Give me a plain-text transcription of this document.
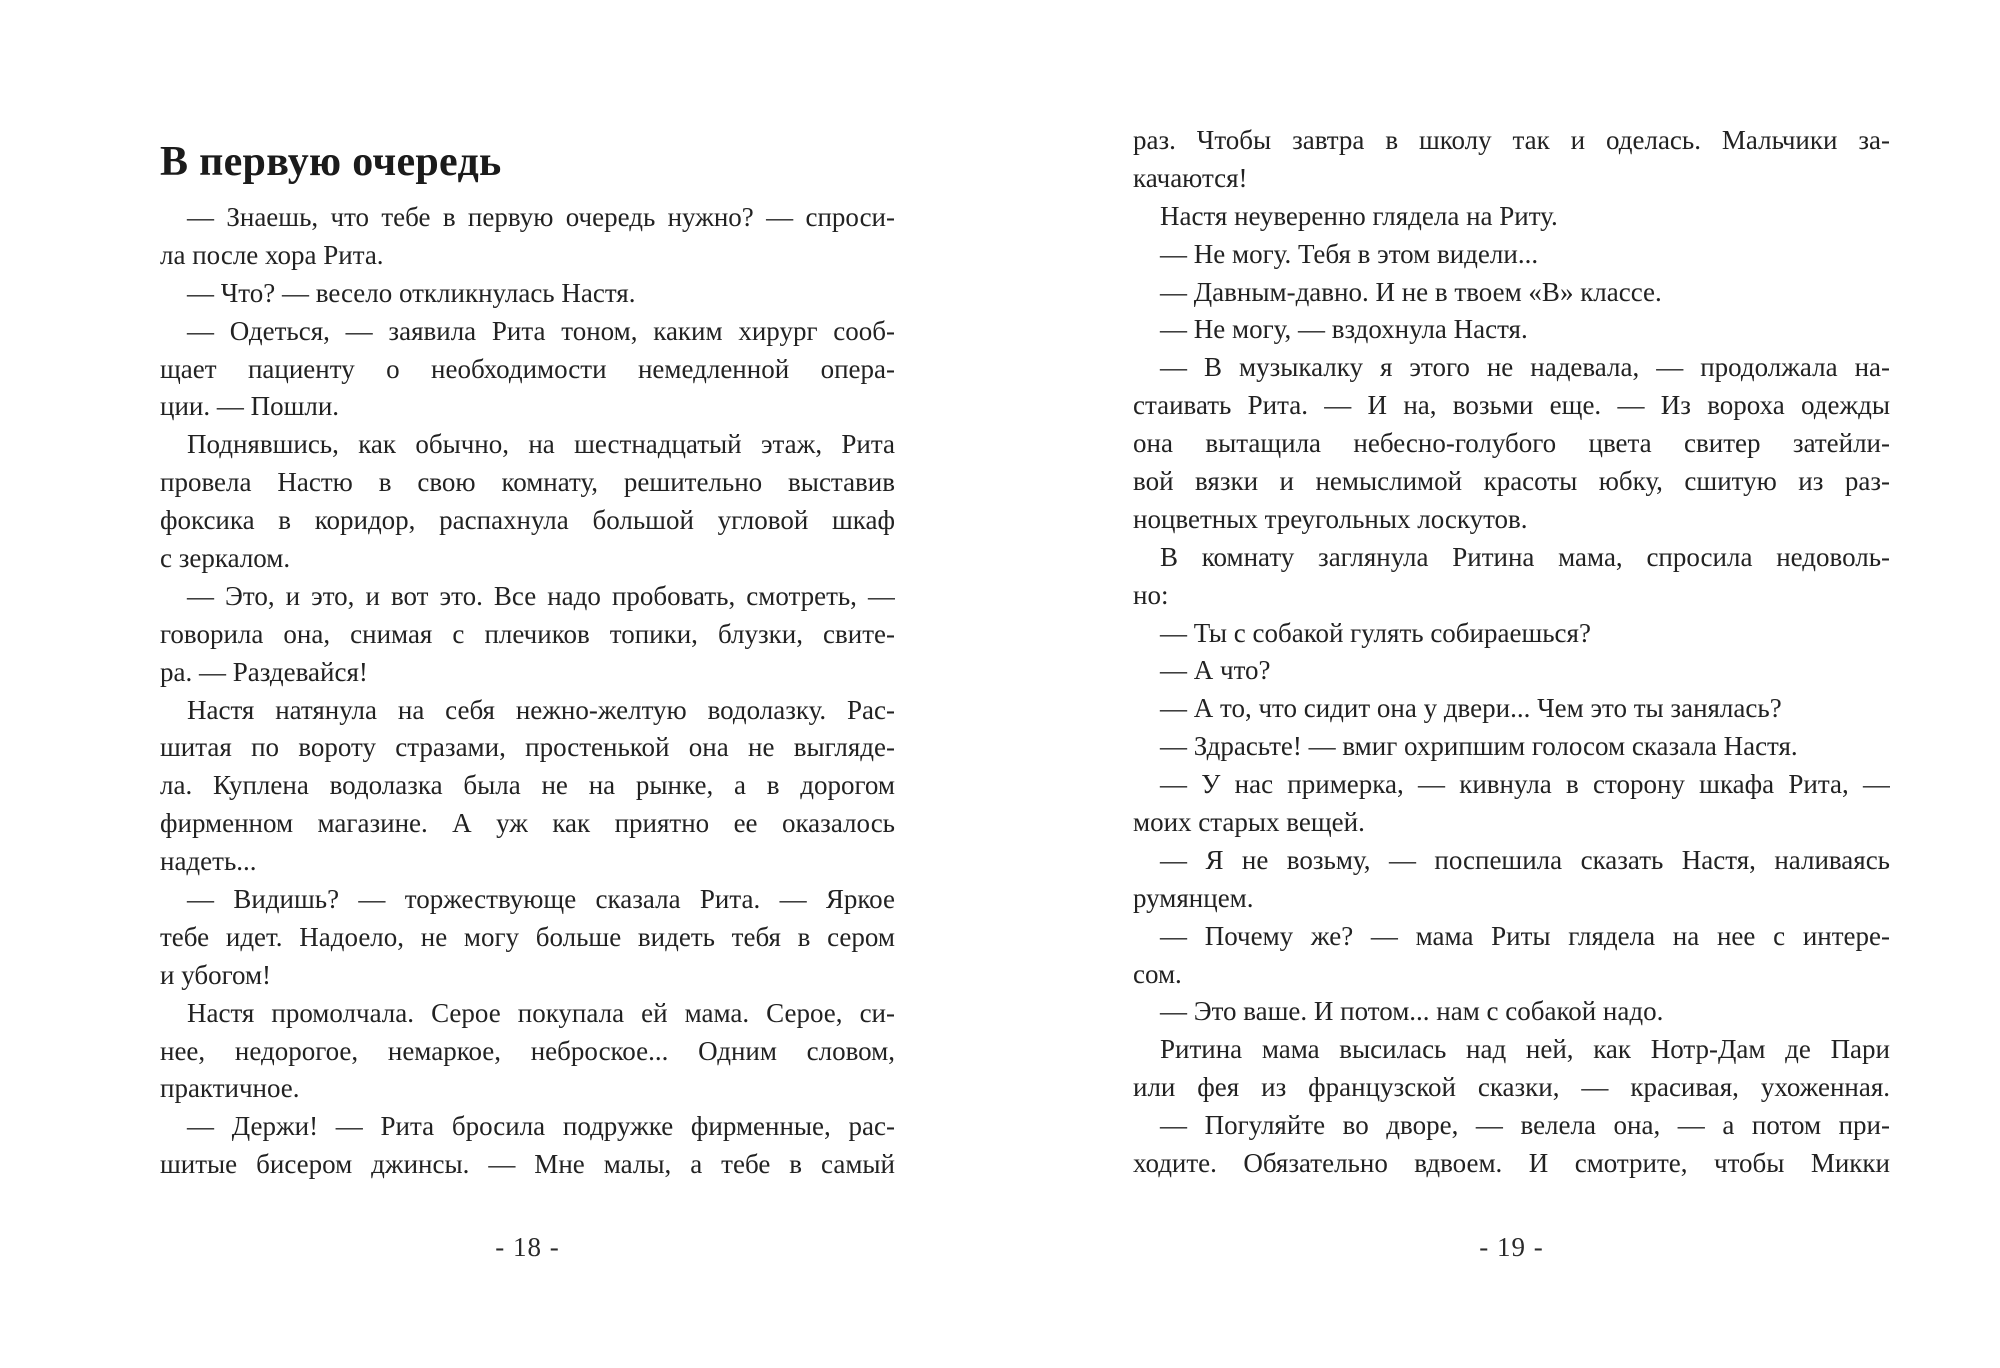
В первую очередь
— Знаешь, что тебе в первую очередь нужно? — спроси-
ла после хора Рита.
— Что? — весело откликнулась Настя.
— Одеться, — заявила Рита тоном, каким хирург сооб-
щает пациенту о необходимости немедленной опера-
ции. — Пошли.
Поднявшись, как обычно, на шестнадцатый этаж, Рита
провела Настю в свою комнату, решительно выставив
фоксика в коридор, распахнула большой угловой шкаф
с зеркалом.
— Это, и это, и вот это. Все надо пробовать, смотреть, —
говорила она, снимая с плечиков топики, блузки, свите-
ра. — Раздевайся!
Настя натянула на себя нежно-желтую водолазку. Рас-
шитая по вороту стразами, простенькой она не выгляде-
ла. Куплена водолазка была не на рынке, а в дорогом
фирменном магазине. А уж как приятно ее оказалось
надеть...
— Видишь? — торжествующе сказала Рита. — Яркое
тебе идет. Надоело, не могу больше видеть тебя в сером
и убогом!
Настя промолчала. Серое покупала ей мама. Серое, си-
нее, недорогое, немаркое, неброское... Одним словом,
практичное.
— Держи! — Рита бросила подружке фирменные, рас-
шитые бисером джинсы. — Мне малы, а тебе в самый
- 18 -
раз. Чтобы завтра в школу так и оделась. Мальчики за-
качаются!
Настя неуверенно глядела на Риту.
— Не могу. Тебя в этом видели...
— Давным-давно. И не в твоем «В» классе.
— Не могу, — вздохнула Настя.
— В музыкалку я этого не надевала, — продолжала на-
стаивать Рита. — И на, возьми еще. — Из вороха одежды
она вытащила небесно-голубого цвета свитер затейли-
вой вязки и немыслимой красоты юбку, сшитую из раз-
ноцветных треугольных лоскутов.
В комнату заглянула Ритина мама, спросила недоволь-
но:
— Ты с собакой гулять собираешься?
— А что?
— А то, что сидит она у двери... Чем это ты занялась?
— Здрасьте! — вмиг охрипшим голосом сказала Настя.
— У нас примерка, — кивнула в сторону шкафа Рита, —
моих старых вещей.
— Я не возьму, — поспешила сказать Настя, наливаясь
румянцем.
— Почему же? — мама Риты глядела на нее с интере-
сом.
— Это ваше. И потом... нам с собакой надо.
Ритина мама высилась над ней, как Нотр-Дам де Пари
или фея из французской сказки, — красивая, ухоженная.
— Погуляйте во дворе, — велела она, — а потом при-
ходите. Обязательно вдвоем. И смотрите, чтобы Микки
- 19 -
